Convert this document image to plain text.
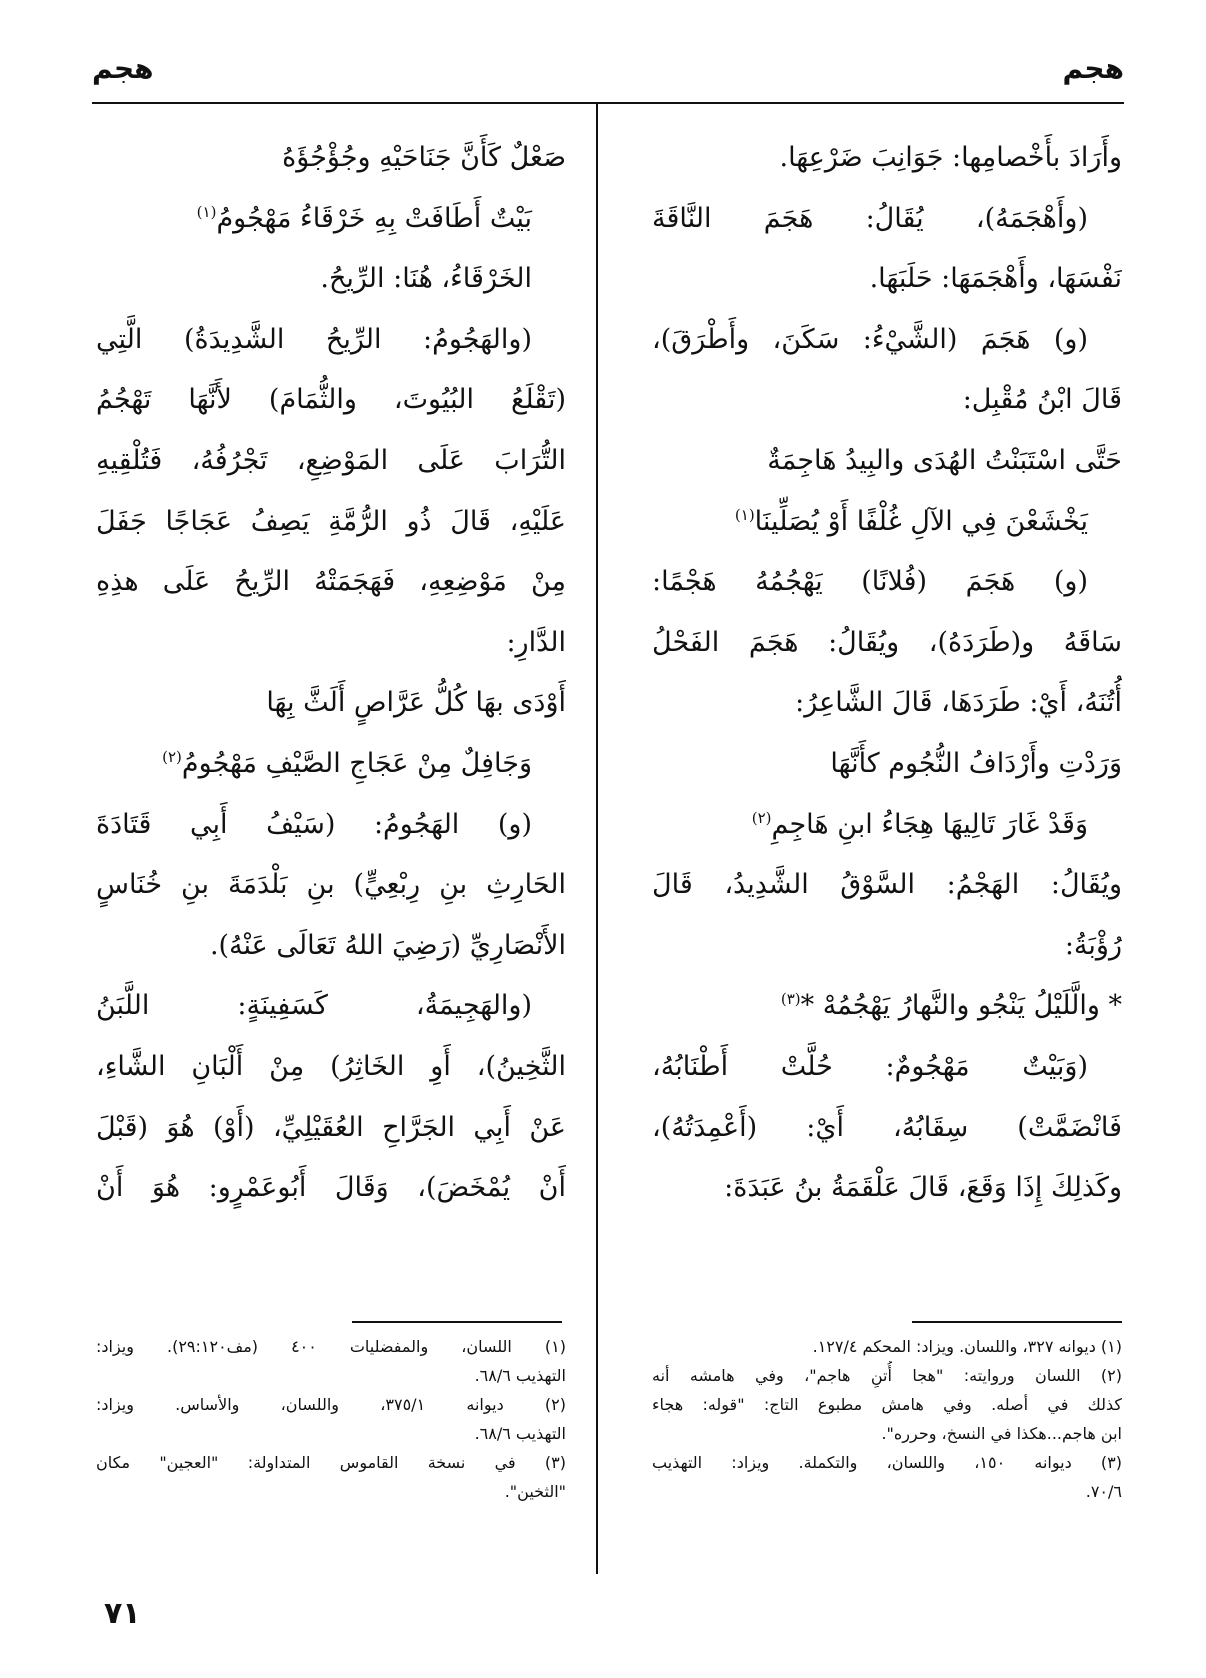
هجم
هجم
وأَرَادَ بأَخْصامِها: جَوَانِبَ ضَرْعِهَا.
(وأَهْجَمَهُ)، يُقَالُ: هَجَمَ النَّاقَةَ
نَفْسَهَا، وأَهْجَمَهَا: حَلَبَهَا.
(و) هَجَمَ (الشَّيْءُ: سَكَنَ، وأَطْرَقَ)،
قَالَ ابْنُ مُقْبِل:
حَتَّى اسْتَبَنْتُ الهُدَى والبِيدُ هَاجِمَةٌ
يَخْشَعْنَ فِي الآلِ غُلْفًا أَوْ يُصَلِّينَا$^{(١)}$
(و) هَجَمَ (فُلانًا) يَهْجُمُهُ هَجْمًا:
سَاقَهُ و(طَرَدَهُ)، ويُقَالُ: هَجَمَ الفَحْلُ
أُتُنَهُ، أَيْ: طَرَدَهَا، قَالَ الشَّاعِرُ:
وَرَدْتِ وأَرْدَافُ النُّجُوم كأَنَّهَا
وَقَدْ غَارَ تَالِيهَا هِجَاءُ ابنِ هَاجِمِ$^{(٢)}$
ويُقَالُ: الهَجْمُ: السَّوْقُ الشَّدِيدُ، قَالَ
رُؤْبَةُ:
* والَّلَيْلُ يَنْجُو والنَّهارُ يَهْجُمُهْ *$^{(٣)}$
(وَبَيْتٌ مَهْجُومٌ: حُلَّتْ أَطْنَابُهُ،
فَانْضَمَّتْ) سِقَابُهُ، أَيْ: (أَعْمِدَتُهُ)،
وكَذلِكَ إِذَا وَقَعَ، قَالَ عَلْقَمَةُ بنُ عَبَدَةَ:
صَعْلٌ كَأَنَّ جَنَاحَيْهِ وجُؤْجُؤَهُ
بَيْتٌ أَطَافَتْ بِهِ خَرْقَاءُ مَهْجُومُ$^{(١)}$
الخَرْقَاءُ، هُنَا: الرِّيحُ.
(والهَجُومُ: الرِّيحُ الشَّدِيدَةُ) الَّتِي
(تَقْلَعُ البُيُوتَ، والثُّمَامَ) لأَنَّهَا تَهْجُمُ
التُّرَابَ عَلَى المَوْضِعِ، تَجْرُفُهُ، فَتُلْقِيهِ
عَلَيْهِ، قَالَ ذُو الرُّمَّةِ يَصِفُ عَجَاجًا جَفَلَ
مِنْ مَوْضِعِهِ، فَهَجَمَتْهُ الرِّيحُ عَلَى هذِهِ
الدَّارِ:
أَوْدَى بهَا كُلُّ عَرَّاصٍ أَلَثَّ بِهَا
وَجَافِلٌ مِنْ عَجَاجِ الصَّيْفِ مَهْجُومُ$^{(٢)}$
(و) الهَجُومُ: (سَيْفُ أَبِي قَتَادَةَ
الحَارِثِ بنِ رِبْعِيٍّ) بنِ بَلْدَمَةَ بنِ خُنَاسٍ
الأَنْصَارِيِّ (رَضِيَ اللهُ تَعَالَى عَنْهُ).
(والهَجِيمَةُ، كَسَفِينَةٍ: اللَّبَنُ
الثَّخِينُ)، أَوِ الخَاثِرُ) مِنْ أَلْبَانِ الشَّاءِ،
عَنْ أَبِي الجَرَّاحِ العُقَيْلِيِّ، (أَوْ) هُوَ (قَبْلَ
أَنْ يُمْخَضَ)، وَقَالَ أَبُوعَمْرٍو: هُوَ أَنْ
(١) ديوانه ٣٢٧، واللسان. ويزاد: المحكم ١٢٧/٤.
(٢) اللسان وروايته: "هجا أُتنِ هاجم"، وفي هامشه أنه
كذلك في أصله. وفي هامش مطبوع التاج: "قوله: هجاء
ابن هاجم...هكذا في النسخ، وحرره".
(٣) ديوانه ١٥٠، واللسان، والتكملة. ويزاد: التهذيب
٧٠/٦.
(١) اللسان، والمفضليات ٤٠٠ (مف٢٩:١٢٠). ويزاد:
التهذيب ٦٨/٦.
(٢) ديوانه ٣٧٥/١، واللسان، والأساس. ويزاد:
التهذيب ٦٨/٦.
(٣) في نسخة القاموس المتداولة: "العجين" مكان
"الثخين".
٧١
